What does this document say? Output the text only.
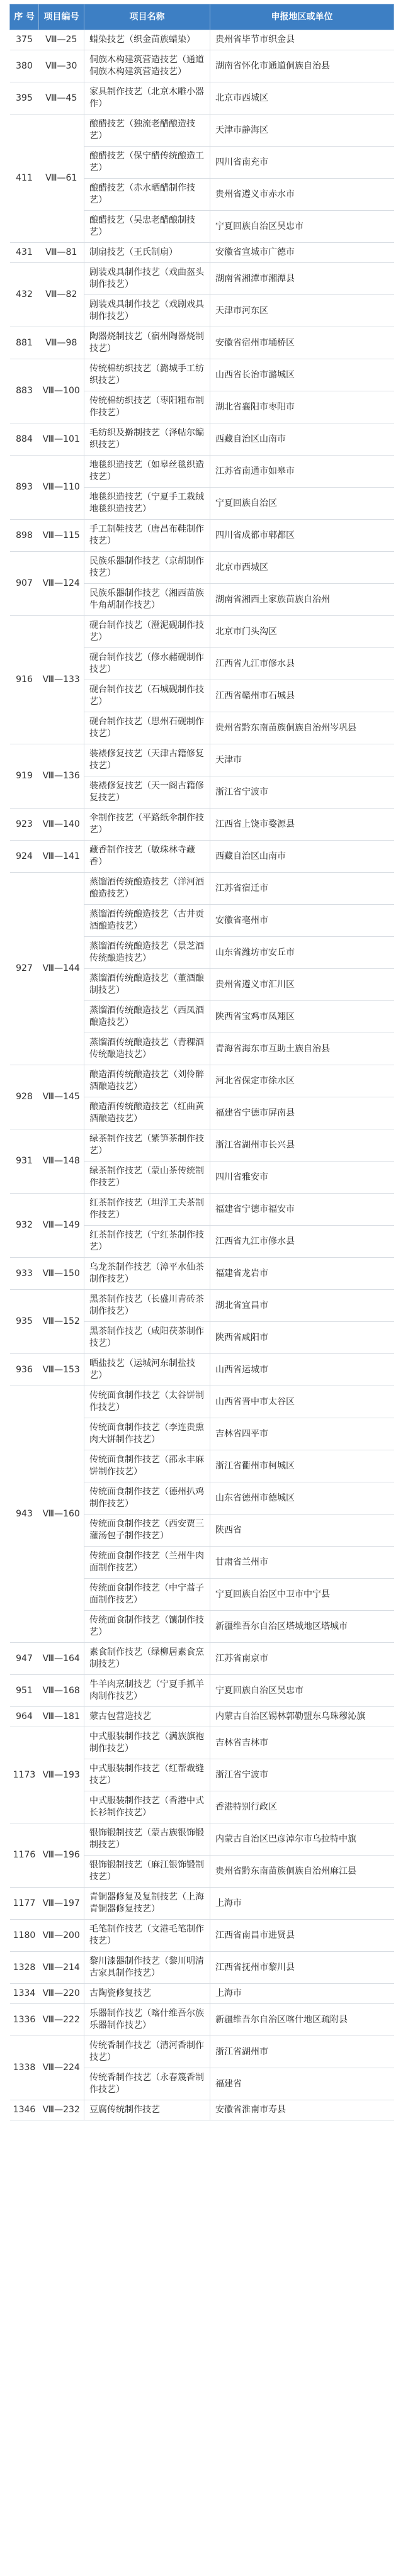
序 号	项目编号	项目名称	申报地区或单位
375	Ⅷ—25	蜡染技艺（织金苗族蜡染）	贵州省毕节市织金县
380	Ⅷ—30	侗族木构建筑营造技艺（通道侗族木构建筑营造技艺）	湖南省怀化市通道侗族自治县
395	Ⅷ—45	家具制作技艺（北京木雕小器作）	北京市西城区
411	Ⅷ—61	酿醋技艺（独流老醋酿造技艺）	天津市静海区
		酿醋技艺（保宁醋传统酿造工艺）	四川省南充市
		酿醋技艺（赤水晒醋制作技艺）	贵州省遵义市赤水市
		酿醋技艺（吴忠老醋酿制技艺）	宁夏回族自治区吴忠市
431	Ⅷ—81	制扇技艺（王氏制扇）	安徽省宣城市广德市
432	Ⅷ—82	剧装戏具制作技艺（戏曲盔头制作技艺）	湖南省湘潭市湘潭县
		剧装戏具制作技艺（戏剧戏具制作技艺）	天津市河东区
881	Ⅷ—98	陶器烧制技艺（宿州陶器烧制技艺）	安徽省宿州市埇桥区
883	Ⅷ—100	传统棉纺织技艺（潞城手工纺织技艺）	山西省长治市潞城区
		传统棉纺织技艺（枣阳粗布制作技艺）	湖北省襄阳市枣阳市
884	Ⅷ—101	毛纺织及擀制技艺（泽帖尔编织技艺）	西藏自治区山南市
893	Ⅷ—110	地毯织造技艺（如皋丝毯织造技艺）	江苏省南通市如皋市
		地毯织造技艺（宁夏手工栽绒地毯织造技艺）	宁夏回族自治区
898	Ⅷ—115	手工制鞋技艺（唐昌布鞋制作技艺）	四川省成都市郫都区
907	Ⅷ—124	民族乐器制作技艺（京胡制作技艺）	北京市西城区
		民族乐器制作技艺（湘西苗族牛角胡制作技艺）	湖南省湘西土家族苗族自治州
916	Ⅷ—133	砚台制作技艺（澄泥砚制作技艺）	北京市门头沟区
		砚台制作技艺（修水赭砚制作技艺）	江西省九江市修水县
		砚台制作技艺（石城砚制作技艺）	江西省赣州市石城县
		砚台制作技艺（思州石砚制作技艺）	贵州省黔东南苗族侗族自治州岑巩县
919	Ⅷ—136	装裱修复技艺（天津古籍修复技艺）	天津市
		装裱修复技艺（天一阁古籍修复技艺）	浙江省宁波市
923	Ⅷ—140	伞制作技艺（平路纸伞制作技艺）	江西省上饶市婺源县
924	Ⅷ—141	藏香制作技艺（敏珠林寺藏香）	西藏自治区山南市
927	Ⅷ—144	蒸馏酒传统酿造技艺（洋河酒酿造技艺）	江苏省宿迁市
		蒸馏酒传统酿造技艺（古井贡酒酿造技艺）	安徽省亳州市
		蒸馏酒传统酿造技艺（景芝酒传统酿造技艺）	山东省潍坊市安丘市
		蒸馏酒传统酿造技艺（董酒酿制技艺）	贵州省遵义市汇川区
		蒸馏酒传统酿造技艺（西凤酒酿造技艺）	陕西省宝鸡市凤翔区
		蒸馏酒传统酿造技艺（青稞酒传统酿造技艺）	青海省海东市互助土族自治县
928	Ⅷ—145	酿造酒传统酿造技艺（刘伶醉酒酿造技艺）	河北省保定市徐水区
		酿造酒传统酿造技艺（红曲黄酒酿造技艺）	福建省宁德市屏南县
931	Ⅷ—148	绿茶制作技艺（紫笋茶制作技艺）	浙江省湖州市长兴县
		绿茶制作技艺（蒙山茶传统制作技艺）	四川省雅安市
932	Ⅷ—149	红茶制作技艺（坦洋工夫茶制作技艺）	福建省宁德市福安市
		红茶制作技艺（宁红茶制作技艺）	江西省九江市修水县
933	Ⅷ—150	乌龙茶制作技艺（漳平水仙茶制作技艺）	福建省龙岩市
935	Ⅷ—152	黑茶制作技艺（长盛川青砖茶制作技艺）	湖北省宜昌市
		黑茶制作技艺（咸阳茯茶制作技艺）	陕西省咸阳市
936	Ⅷ—153	晒盐技艺（运城河东制盐技艺）	山西省运城市
943	Ⅷ—160	传统面食制作技艺（太谷饼制作技艺）	山西省晋中市太谷区
		传统面食制作技艺（李连贵熏肉大饼制作技艺）	吉林省四平市
		传统面食制作技艺（邵永丰麻饼制作技艺）	浙江省衢州市柯城区
		传统面食制作技艺（德州扒鸡制作技艺）	山东省德州市德城区
		传统面食制作技艺（西安贾三灌汤包子制作技艺）	陕西省
		传统面食制作技艺（兰州牛肉面制作技艺）	甘肃省兰州市
		传统面食制作技艺（中宁蒿子面制作技艺）	宁夏回族自治区中卫市中宁县
		传统面食制作技艺（馕制作技艺）	新疆维吾尔自治区塔城地区塔城市
947	Ⅷ—164	素食制作技艺（绿柳居素食烹制技艺）	江苏省南京市
951	Ⅷ—168	牛羊肉烹制技艺（宁夏手抓羊肉制作技艺）	宁夏回族自治区吴忠市
964	Ⅷ—181	蒙古包营造技艺	内蒙古自治区锡林郭勒盟东乌珠穆沁旗
1173	Ⅷ—193	中式服装制作技艺（满族旗袍制作技艺）	吉林省吉林市
		中式服装制作技艺（红帮裁缝技艺）	浙江省宁波市
		中式服装制作技艺（香港中式长衫制作技艺）	香港特别行政区
1176	Ⅷ—196	银饰锻制技艺（蒙古族银饰锻制技艺）	内蒙古自治区巴彦淖尔市乌拉特中旗
		银饰锻制技艺（麻江银饰锻制技艺）	贵州省黔东南苗族侗族自治州麻江县
1177	Ⅷ—197	青铜器修复及复制技艺（上海青铜器修复技艺）	上海市
1180	Ⅷ—200	毛笔制作技艺（文港毛笔制作技艺）	江西省南昌市进贤县
1328	Ⅷ—214	黎川漆器制作技艺（黎川明清古家具制作技艺）	江西省抚州市黎川县
1334	Ⅷ—220	古陶瓷修复技艺	上海市
1336	Ⅷ—222	乐器制作技艺（喀什维吾尔族乐器制作技艺）	新疆维吾尔自治区喀什地区疏附县
1338	Ⅷ—224	传统香制作技艺（清河香制作技艺）	浙江省湖州市
		传统香制作技艺（永春篾香制作技艺）	福建省
1346	Ⅷ—232	豆腐传统制作技艺	安徽省淮南市寿县
